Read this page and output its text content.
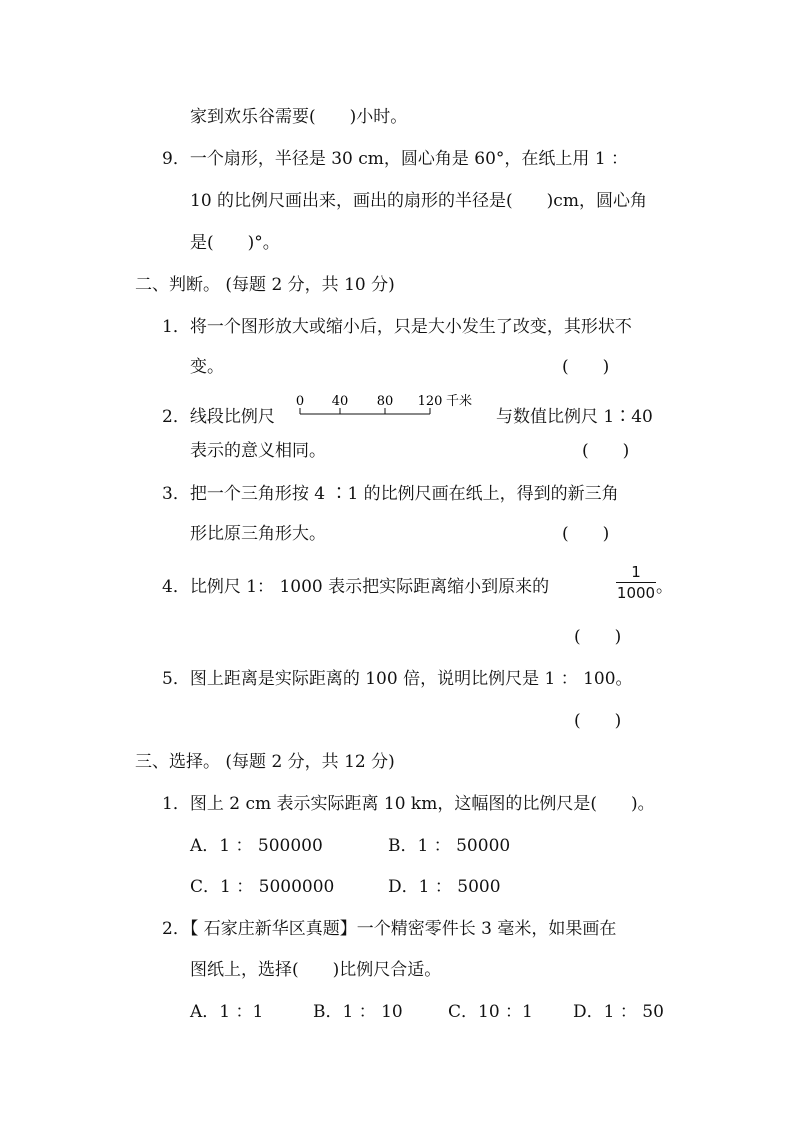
家到欢乐谷需要(　　)小时。
9．一个扇形，半径是 30 cm，圆心角是 60°，在纸上用 1 ：
10 的比例尺画出来，画出的扇形的半径是(　　)cm，圆心角
是(　　)°。
二、判断。 (每题 2 分，共 10 分)
1．将一个图形放大或缩小后，只是大小发生了改变，其形状不
变。	(　　)
2．线段比例尺
0 40 80 120 千米
与数值比例尺 1∶40
表示的意义相同。	(　　)
3．把一个三角形按 4 ∶1 的比例尺画在纸上，得到的新三角
形比原三角形大。	(　　)
4．比例尺 1： 1000 表示把实际距离缩小到原来的
1
1000 。
(　　)
5．图上距离是实际距离的 100 倍，说明比例尺是 1 ： 100。
(　　)
三、选择。 (每题 2 分，共 12 分)
1．图上 2 cm 表示实际距离 10 km，这幅图的比例尺是(　　)。
A．1 ： 500000	B．1 ： 50000
C．1 ： 5000000	D．1 ： 5000
2．【 石家庄新华区真题】一个精密零件长 3 毫米，如果画在
图纸上，选择(　　)比例尺合适。
A．1 ：1	B．1 ： 10	C．10 ：1 D．1 ： 50
